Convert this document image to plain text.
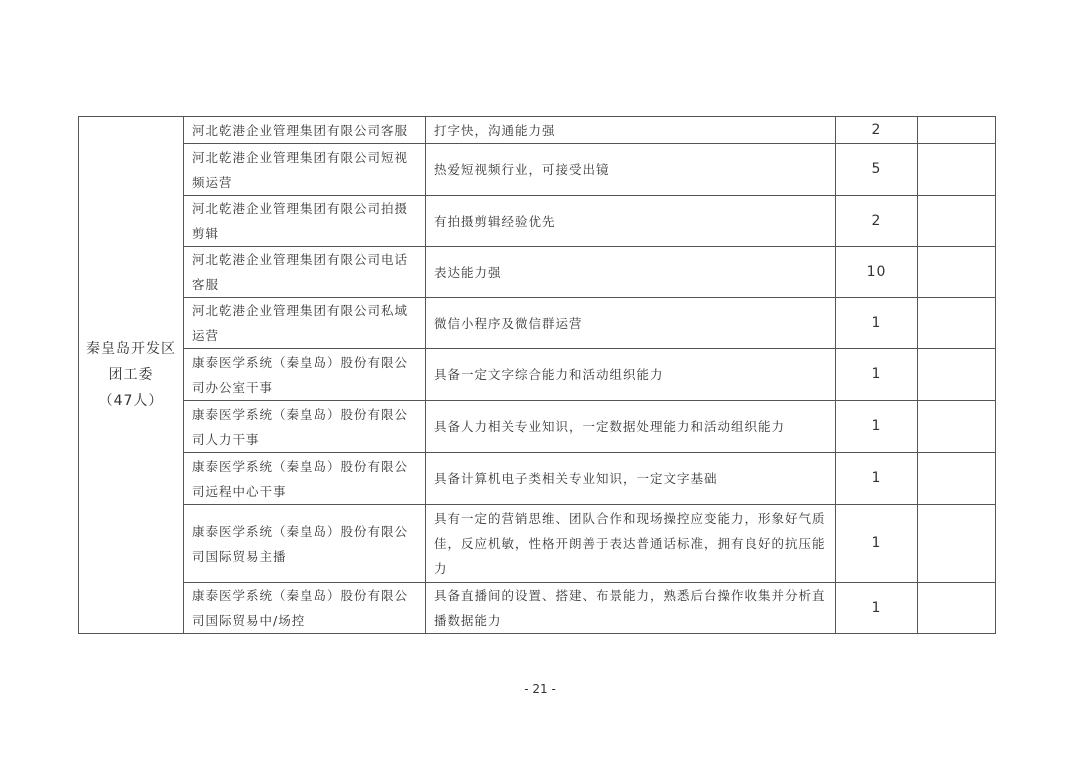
秦皇岛开发区
团工委
（47人）	河北乾港企业管理集团有限公司客服	打字快，沟通能力强	2	
	河北乾港企业管理集团有限公司短视频运营	热爱短视频行业，可接受出镜	5	
	河北乾港企业管理集团有限公司拍摄剪辑	有拍摄剪辑经验优先	2	
	河北乾港企业管理集团有限公司电话客服	表达能力强	10	
	河北乾港企业管理集团有限公司私域运营	微信小程序及微信群运营	1	
	康泰医学系统（秦皇岛）股份有限公司办公室干事	具备一定文字综合能力和活动组织能力	1	
	康泰医学系统（秦皇岛）股份有限公司人力干事	具备人力相关专业知识，一定数据处理能力和活动组织能力	1	
	康泰医学系统（秦皇岛）股份有限公司远程中心干事	具备计算机电子类相关专业知识，一定文字基础	1	
	康泰医学系统（秦皇岛）股份有限公司国际贸易主播	具有一定的营销思维、团队合作和现场操控应变能力，形象好气质佳，反应机敏，性格开朗善于表达普通话标准，拥有良好的抗压能力	1	
	康泰医学系统（秦皇岛）股份有限公司国际贸易中/场控	具备直播间的设置、搭建、布景能力，熟悉后台操作收集并分析直播数据能力	1	
- 21 -
